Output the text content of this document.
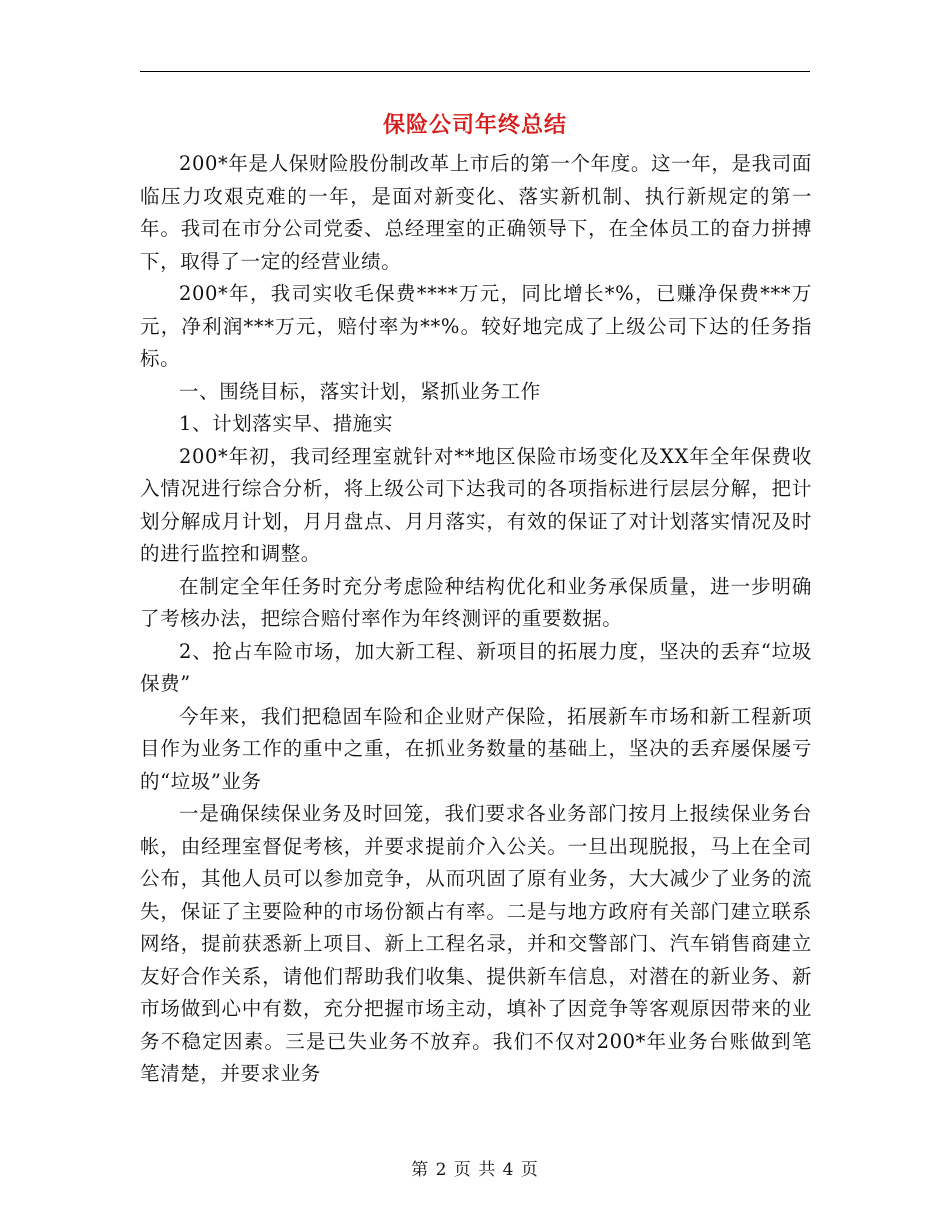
保险公司年终总结

200*年是人保财险股份制改革上市后的第一个年度。这一年，是我司面临压力攻艰克难的一年，是面对新变化、落实新机制、执行新规定的第一年。我司在市分公司党委、总经理室的正确领导下，在全体员工的奋力拼搏下，取得了一定的经营业绩。

200*年，我司实收毛保费****万元，同比增长*%，已赚净保费***万元，净利润***万元，赔付率为**%。较好地完成了上级公司下达的任务指标。

一、围绕目标，落实计划，紧抓业务工作

1、计划落实早、措施实

200*年初，我司经理室就针对**地区保险市场变化及XX年全年保费收入情况进行综合分析，将上级公司下达我司的各项指标进行层层分解，把计划分解成月计划，月月盘点、月月落实，有效的保证了对计划落实情况及时的进行监控和调整。

在制定全年任务时充分考虑险种结构优化和业务承保质量，进一步明确了考核办法，把综合赔付率作为年终测评的重要数据。

2、抢占车险市场，加大新工程、新项目的拓展力度，坚决的丢弃“垃圾保费”

今年来，我们把稳固车险和企业财产保险，拓展新车市场和新工程新项目作为业务工作的重中之重，在抓业务数量的基础上，坚决的丢弃屡保屡亏的“垃圾”业务

一是确保续保业务及时回笼，我们要求各业务部门按月上报续保业务台帐，由经理室督促考核，并要求提前介入公关。一旦出现脱报，马上在全司公布，其他人员可以参加竞争，从而巩固了原有业务，大大减少了业务的流失，保证了主要险种的市场份额占有率。二是与地方政府有关部门建立联系网络，提前获悉新上项目、新上工程名录，并和交警部门、汽车销售商建立友好合作关系，请他们帮助我们收集、提供新车信息，对潜在的新业务、新市场做到心中有数，充分把握市场主动，填补了因竞争等客观原因带来的业务不稳定因素。三是已失业务不放弃。我们不仅对200*年业务台账做到笔笔清楚，并要求业务

第 2 页 共 4 页
